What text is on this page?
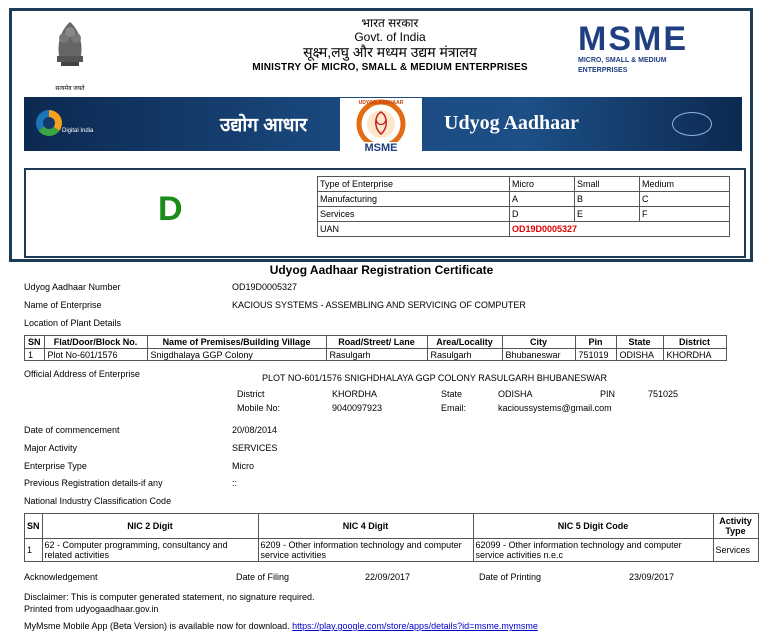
सत्यमेव जयते
भारत सरकार
Govt. of India
सूक्ष्म,लघु और मध्यम उद्यम मंत्रालय
MINISTRY OF MICRO, SMALL & MEDIUM ENTERPRISES
MSME
MICRO, SMALL & MEDIUM ENTERPRISES
Digital India	उद्योग आधार
UDYOG AADHAAR
MSME
Udyog Aadhaar
D
Type of Enterprise	Micro	Small	Medium
Manufacturing	A	B	C
Services	D	E	F
UAN	OD19D0005327		
Udyog Aadhaar Registration Certificate
Udyog Aadhaar Number	OD19D0005327
Name of Enterprise	KACIOUS SYSTEMS - ASSEMBLING AND SERVICING OF COMPUTER
Location of Plant Details
SN	Flat/Door/Block No.	Name of Premises/Building Village	Road/Street/ Lane	Area/Locality	City	Pin	State	District
1	Plot No-601/1576	Snigdhalaya GGP Colony	Rasulgarh	Rasulgarh	Bhubaneswar	751019	ODISHA	KHORDHA
Official Address of Enterprise	PLOT NO-601/1576 SNIGHDHALAYA GGP COLONY RASULGARH BHUBANESWAR
District	KHORDHA	State	ODISHA	PIN	751025
Mobile No:	9040097923	Email:	kacioussystems@gmail.com
Date of commencement	20/08/2014
Major Activity	SERVICES
Enterprise Type	Micro
Previous Registration details-if any	::
National Industry Classification Code
SN	NIC 2 Digit	NIC 4 Digit	NIC 5 Digit Code	Activity Type
1	62 - Computer programming, consultancy and related activities	6209 - Other information technology and computer service activities	62099 - Other information technology and computer service activities n.e.c	Services
Acknowledgement	Date of Filing	22/09/2017	Date of Printing	23/09/2017
Disclaimer: This is computer generated statement, no signature required.
Printed from udyogaadhaar.gov.in
MyMsme Mobile App (Beta Version) is available now for download. https://play.google.com/store/apps/details?id=msme.mymsme
